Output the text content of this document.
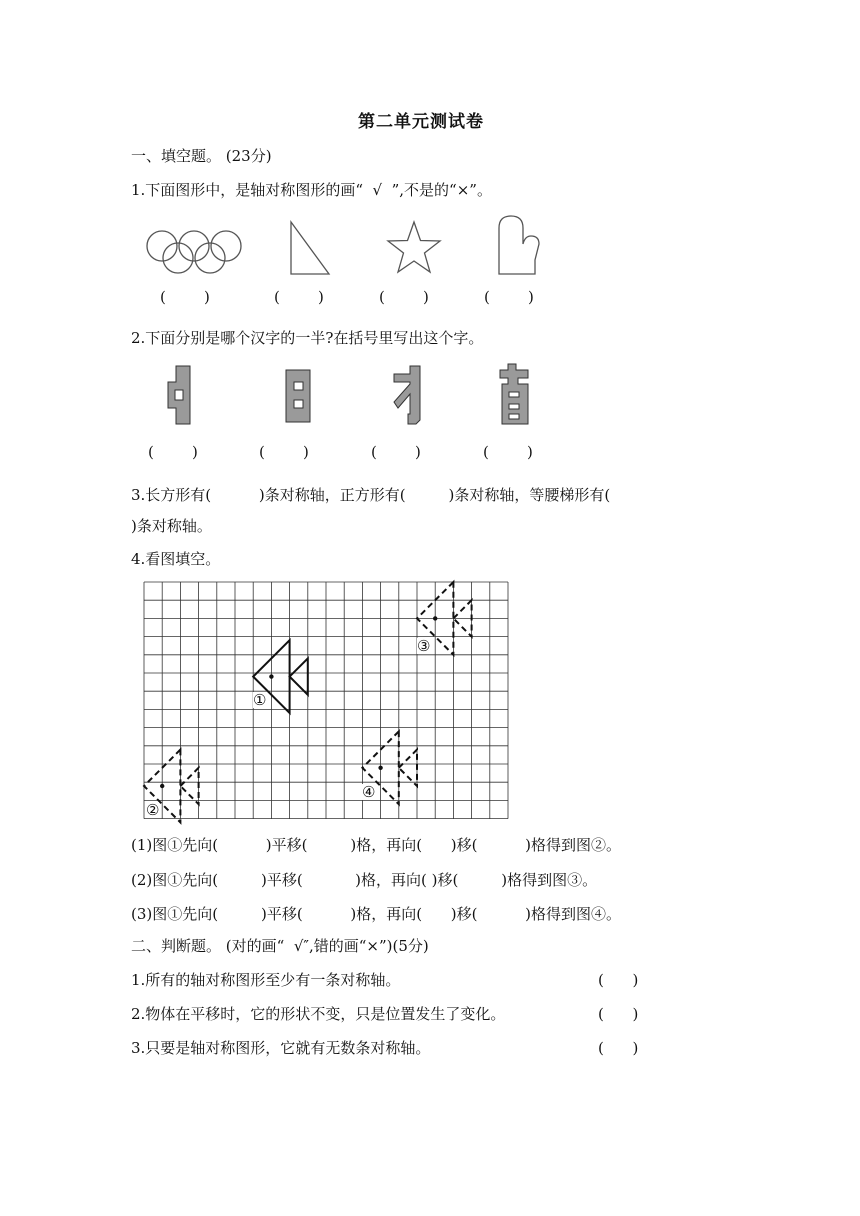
第二单元测试卷
一、填空题。 (23分)
1.下面图形中，是轴对称图形的画“  √  ”,不是的“×”。
(        )	(        )	(        )	(        )
2.下面分别是哪个汉字的一半?在括号里写出这个字。
(        )	(        )	(        )	(        )
3.长方形有(          )条对称轴，正方形有(         )条对称轴，等腰梯形有(
)条对称轴。
4.看图填空。
①
②
③
④
(1)图①先向(          )平移(         )格，再向(      )移(          )格得到图②。
(2)图①先向(         )平移(           )格，再向( )移(         )格得到图③。
(3)图①先向(         )平移(          )格，再向(      )移(          )格得到图④。
二、判断题。 (对的画“  √″,错的画“×”)(5分)
1.所有的轴对称图形至少有一条对称轴。	(      )
2.物体在平移时，它的形状不变，只是位置发生了变化。	(      )
3.只要是轴对称图形，它就有无数条对称轴。	(      )
